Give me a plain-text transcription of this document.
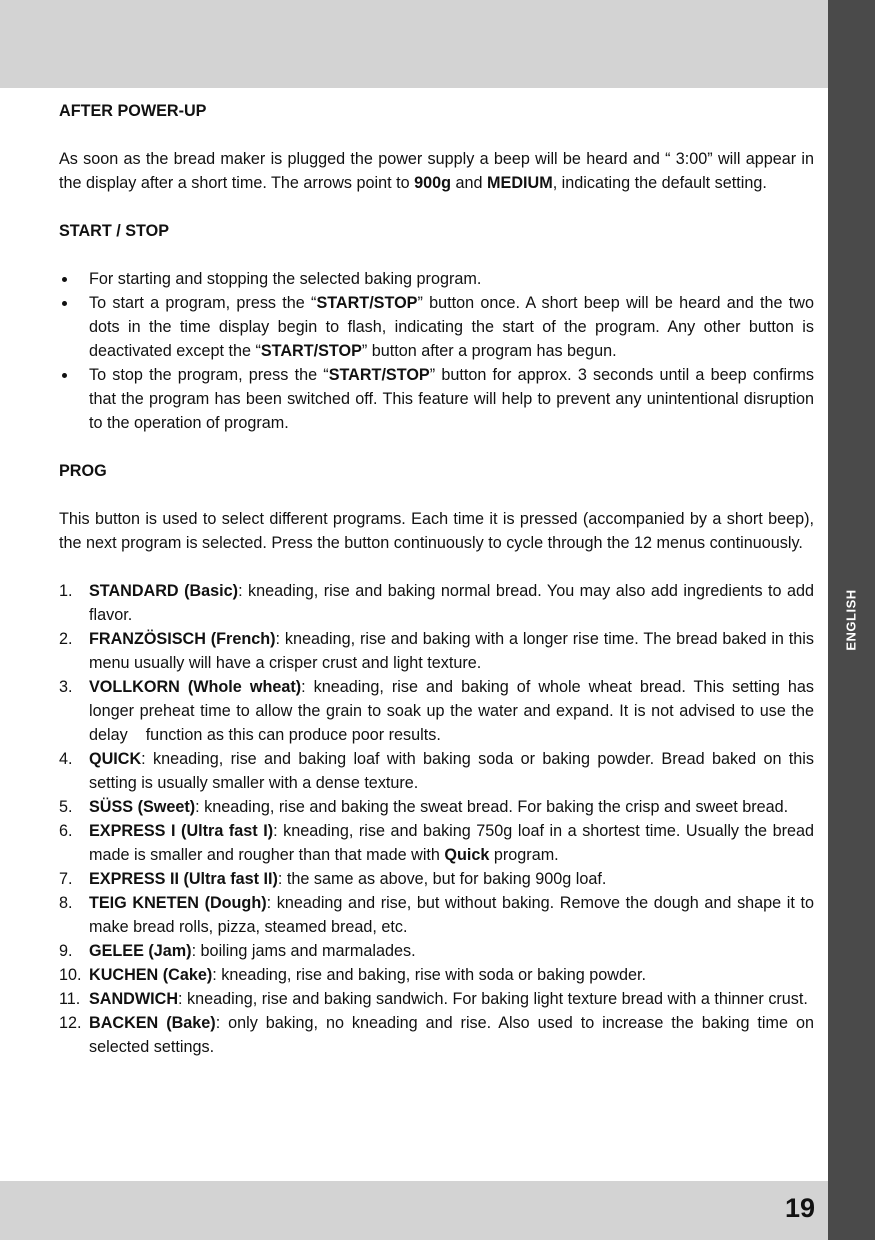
ENGLISH
AFTER POWER-UP

As soon as the bread maker is plugged the power supply a beep will be heard and “ 3:00” will appear in the display after a short time. The arrows point to 900g and MEDIUM, indicating the default setting.

START / STOP
For starting and stopping the selected baking program.
To start a program, press the “START/STOP” button once. A short beep will be heard and the two dots in the time display begin to flash, indicating the start of the program. Any other button is deactivated except the “START/STOP” button after a program has begun.
To stop the program, press the “START/STOP” button for approx. 3 seconds until a beep confirms that the program has been switched off. This feature will help to prevent any unintentional disruption to the operation of program.
PROG

This button is used to select different programs. Each time it is pressed (accompanied by a short beep), the next program is selected. Press the button continuously to cycle through the 12 menus continuously.

1. STANDARD (Basic): kneading, rise and baking normal bread. You may also add ingredients to add flavor.
2. FRANZÖSISCH (French): kneading, rise and baking with a longer rise time. The bread baked in this menu usually will have a crisper crust and light texture.
3. VOLLKORN (Whole wheat): kneading, rise and baking of whole wheat bread. This setting has longer preheat time to allow the grain to soak up the water and expand. It is not advised to use the delay    function as this can produce poor results.
4. QUICK: kneading, rise and baking loaf with baking soda or baking powder. Bread baked on this setting is usually smaller with a dense texture.
5. SÜSS (Sweet): kneading, rise and baking the sweat bread. For baking the crisp and sweet bread.
6. EXPRESS I (Ultra fast I): kneading, rise and baking 750g loaf in a shortest time. Usually the bread made is smaller and rougher than that made with Quick program.
7. EXPRESS II (Ultra fast II): the same as above, but for baking 900g loaf.
8. TEIG KNETEN (Dough): kneading and rise, but without baking. Remove the dough and shape it to make bread rolls, pizza, steamed bread, etc.
9. GELEE (Jam): boiling jams and marmalades.
10. KUCHEN (Cake): kneading, rise and baking, rise with soda or baking powder.
11. SANDWICH: kneading, rise and baking sandwich. For baking light texture bread with a thinner crust.
12. BACKEN (Bake): only baking, no kneading and rise. Also used to increase the baking time on selected settings.
19
